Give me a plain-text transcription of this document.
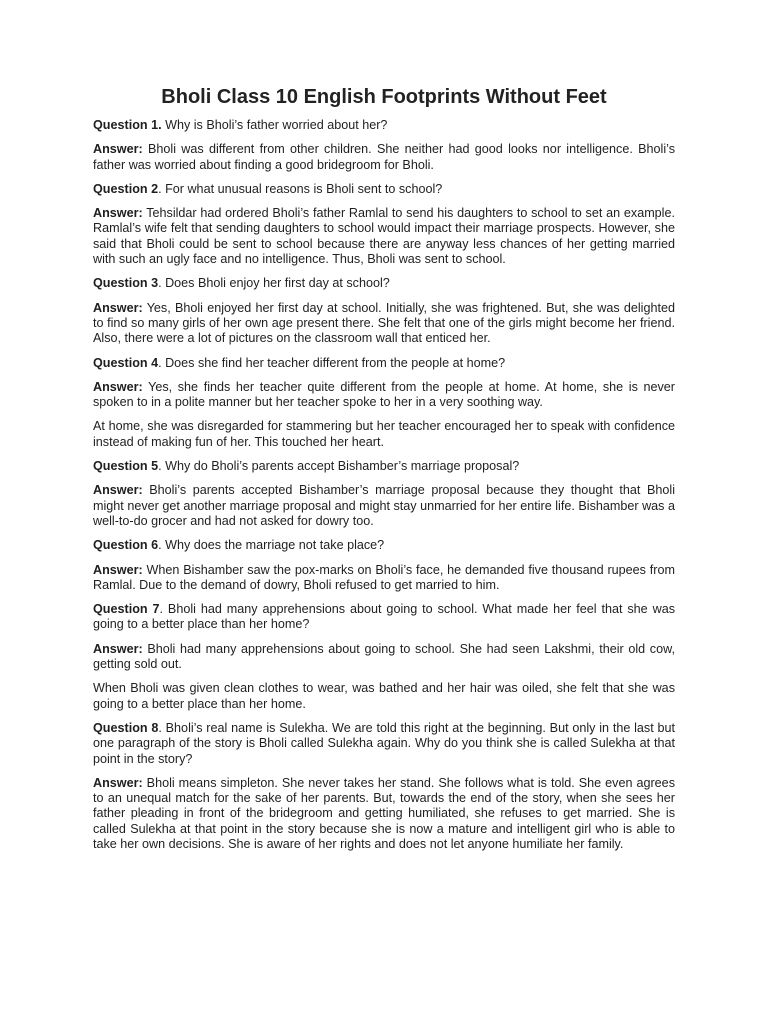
Bholi Class 10 English Footprints Without Feet

Question 1. Why is Bholi’s father worried about her?

Answer: Bholi was different from other children. She neither had good looks nor intelligence. Bholi’s father was worried about finding a good bridegroom for Bholi.

Question 2. For what unusual reasons is Bholi sent to school?

Answer: Tehsildar had ordered Bholi’s father Ramlal to send his daughters to school to set an example. Ramlal’s wife felt that sending daughters to school would impact their marriage prospects. However, she said that Bholi could be sent to school because there are anyway less chances of her getting married with such an ugly face and no intelligence. Thus, Bholi was sent to school.

Question 3. Does Bholi enjoy her first day at school?

Answer: Yes, Bholi enjoyed her first day at school. Initially, she was frightened. But, she was delighted to find so many girls of her own age present there. She felt that one of the girls might become her friend. Also, there were a lot of pictures on the classroom wall that enticed her.

Question 4. Does she find her teacher different from the people at home?

Answer: Yes, she finds her teacher quite different from the people at home. At home, she is never spoken to in a polite manner but her teacher spoke to her in a very soothing way.

At home, she was disregarded for stammering but her teacher encouraged her to speak with confidence instead of making fun of her. This touched her heart.

Question 5. Why do Bholi’s parents accept Bishamber’s marriage proposal?

Answer: Bholi’s parents accepted Bishamber’s marriage proposal because they thought that Bholi might never get another marriage proposal and might stay unmarried for her entire life. Bishamber was a well-to-do grocer and had not asked for dowry too.

Question 6. Why does the marriage not take place?

Answer: When Bishamber saw the pox-marks on Bholi’s face, he demanded five thousand rupees from Ramlal. Due to the demand of dowry, Bholi refused to get married to him.

Question 7. Bholi had many apprehensions about going to school. What made her feel that she was going to a better place than her home?

Answer: Bholi had many apprehensions about going to school. She had seen Lakshmi, their old cow, getting sold out.

When Bholi was given clean clothes to wear, was bathed and her hair was oiled, she felt that she was going to a better place than her home.

Question 8. Bholi’s real name is Sulekha. We are told this right at the beginning. But only in the last but one paragraph of the story is Bholi called Sulekha again. Why do you think she is called Sulekha at that point in the story?

Answer: Bholi means simpleton. She never takes her stand. She follows what is told. She even agrees to an unequal match for the sake of her parents. But, towards the end of the story, when she sees her father pleading in front of the bridegroom and getting humiliated, she refuses to get married. She is called Sulekha at that point in the story because she is now a mature and intelligent girl who is able to take her own decisions. She is aware of her rights and does not let anyone humiliate her family.
